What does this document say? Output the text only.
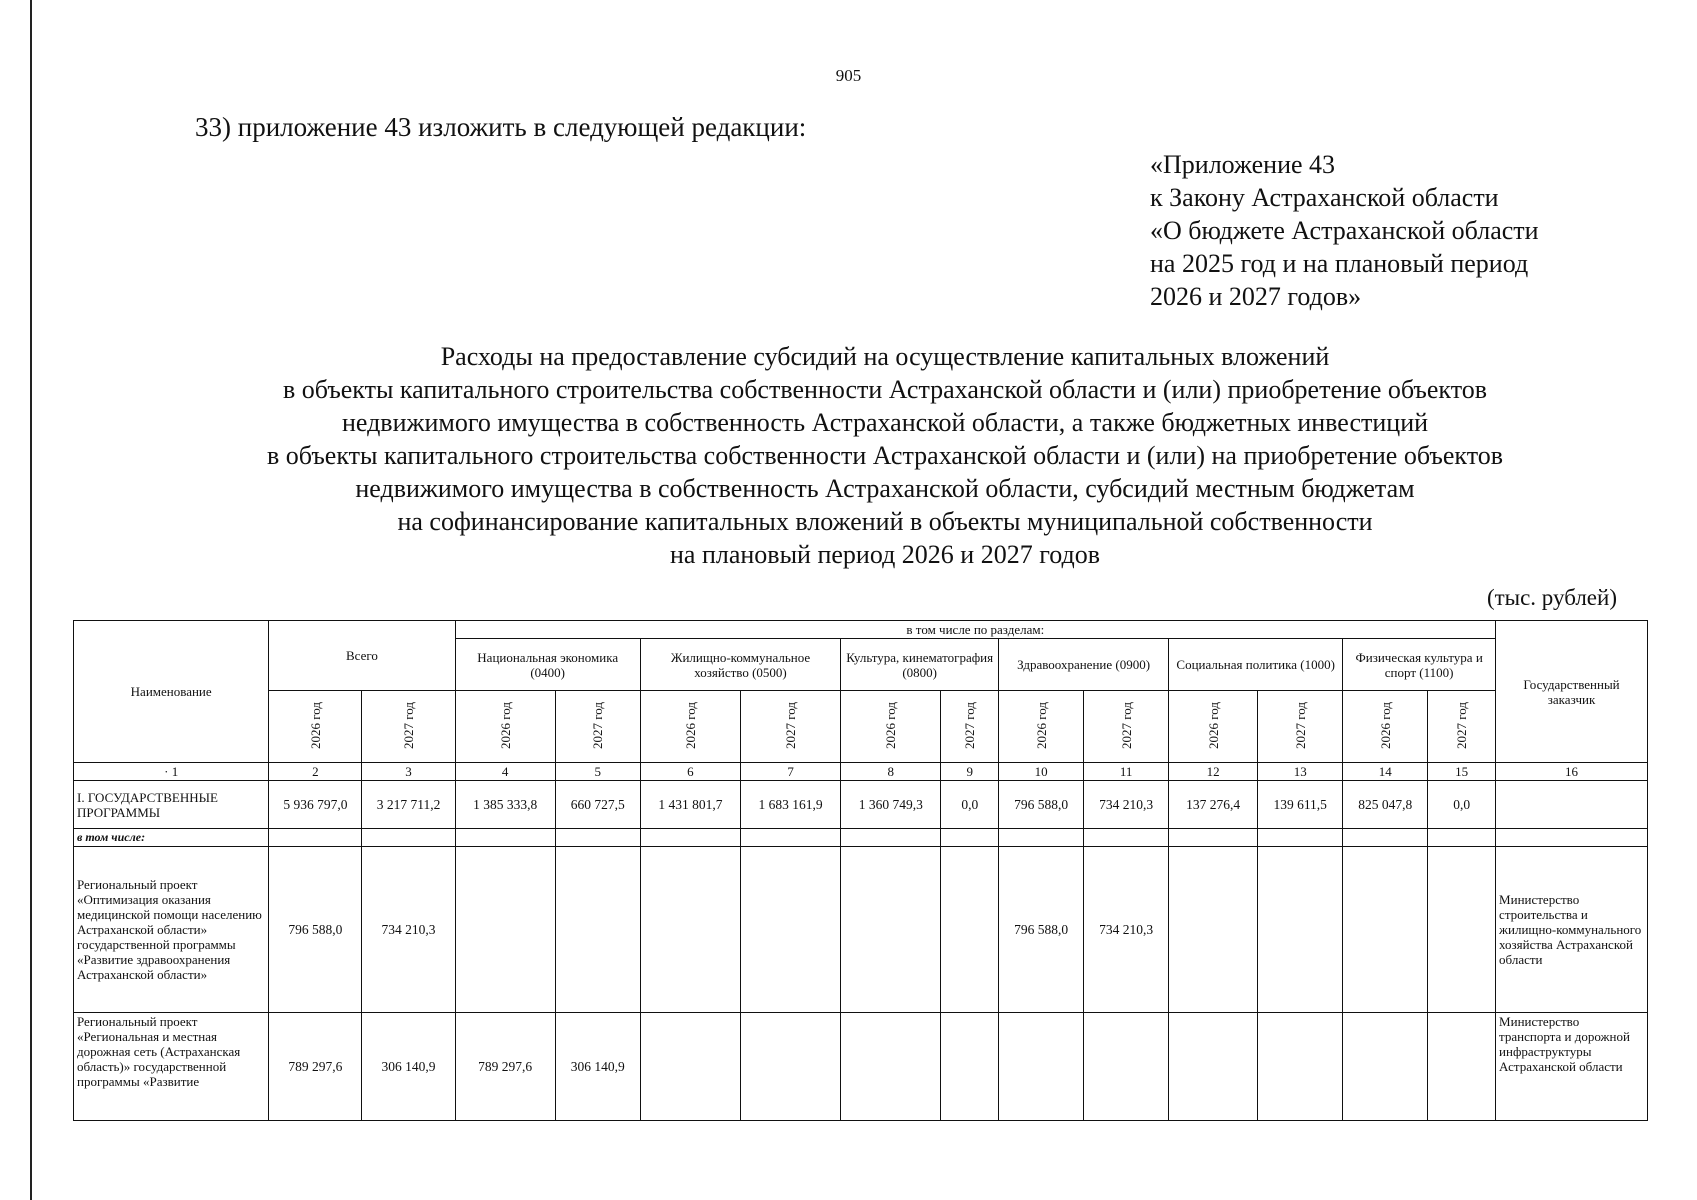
905
33) приложение 43 изложить в следующей редакции:
«Приложение 43
к Закону Астраханской области
«О бюджете Астраханской области
на 2025 год и на плановый период
2026 и 2027 годов»
Расходы на предоставление субсидий на осуществление капитальных вложений
в объекты капитального строительства собственности Астраханской области и (или) приобретение объектов
недвижимого имущества в собственность Астраханской области, а также бюджетных инвестиций
в объекты капитального строительства собственности Астраханской области и (или) на приобретение объектов
недвижимого имущества в собственность Астраханской области, субсидий местным бюджетам
на софинансирование капитальных вложений в объекты муниципальной собственности
на плановый период 2026 и 2027 годов
(тыс. рублей)
Наименование	Всего		в том числе по разделам:												Государственный заказчик
			Национальная экономика (0400)		Жилищно-коммунальное хозяйство (0500)		Культура, кинематография (0800)		Здравоохранение (0900)		Социальная политика (1000)		Физическая культура и спорт (1100)		
	2026 год	2027 год	2026 год	2027 год	2026 год	2027 год	2026 год	2027 год	2026 год	2027 год	2026 год	2027 год	2026 год	2027 год	
· 1	2	3	4	5	6	7	8	9	10	11	12	13	14	15	16
I. ГОСУДАРСТВЕННЫЕ ПРОГРАММЫ	5 936 797,0	3 217 711,2	1 385 333,8	660 727,5	1 431 801,7	1 683 161,9	1 360 749,3	0,0	796 588,0	734 210,3	137 276,4	139 611,5	825 047,8	0,0	
в том числе:															
Региональный проект «Оптимизация оказания медицинской помощи населению Астраханской области» государственной программы «Развитие здравоохранения Астраханской области»	796 588,0	734 210,3							796 588,0	734 210,3					Министерство строительства и жилищно-коммунального хозяйства Астраханской области
Региональный проект «Региональная и местная дорожная сеть (Астраханская область)» государственной программы «Развитие	789 297,6	306 140,9	789 297,6	306 140,9											Министерство транспорта и дорожной инфраструктуры Астраханской области
